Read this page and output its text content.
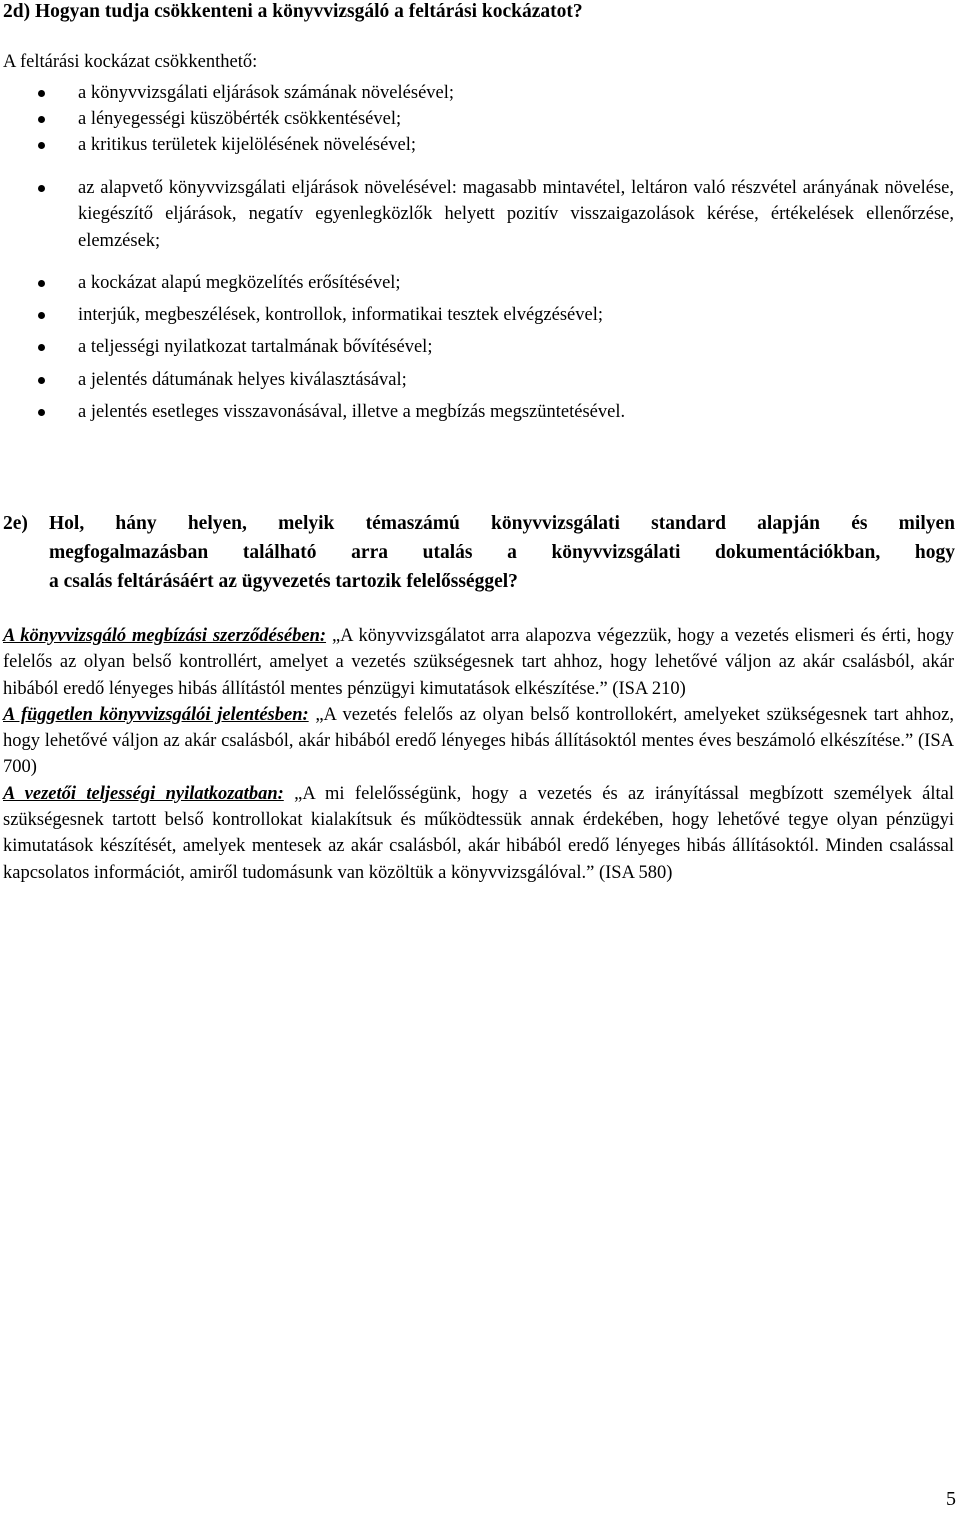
2d) Hogyan tudja csökkenteni a könyvvizsgáló a feltárási kockázatot?
A feltárási kockázat csökkenthető:
a könyvvizsgálati eljárások számának növelésével;
a lényegességi küszöbérték csökkentésével;
a kritikus területek kijelölésének növelésével;
az alapvető könyvvizsgálati eljárások növelésével: magasabb mintavétel, leltáron való részvétel arányának növelése, kiegészítő eljárások, negatív egyenlegközlők helyett pozitív visszaigazolások kérése, értékelések ellenőrzése, elemzések;
a kockázat alapú megközelítés erősítésével;
interjúk, megbeszélések, kontrollok, informatikai tesztek elvégzésével;
a teljességi nyilatkozat tartalmának bővítésével;
a jelentés dátumának helyes kiválasztásával;
a jelentés esetleges visszavonásával, illetve a megbízás megszüntetésével.
2e) Hol, hány helyen, melyik témaszámú könyvvizsgálati standard alapján és milyen
megfogalmazásban található arra utalás a könyvvizsgálati dokumentációkban, hogy
a csalás feltárásáért az ügyvezetés tartozik felelősséggel?

A könyvvizsgáló megbízási szerződésében: „A könyvvizsgálatot arra alapozva végezzük, hogy a vezetés elismeri és érti, hogy felelős az olyan belső kontrollért, amelyet a vezetés szükségesnek tart ahhoz, hogy lehetővé váljon az akár csalásból, akár hibából eredő lényeges hibás állítástól mentes pénzügyi kimutatások elkészítése.” (ISA 210)

A független könyvvizsgálói jelentésben: „A vezetés felelős az olyan belső kontrollokért, amelyeket szükségesnek tart ahhoz, hogy lehetővé váljon az akár csalásból, akár hibából eredő lényeges hibás állításoktól mentes éves beszámoló elkészítése.” (ISA 700)

A vezetői teljességi nyilatkozatban: „A mi felelősségünk, hogy a vezetés és az irányítással megbízott személyek által szükségesnek tartott belső kontrollokat kialakítsuk és működtessük annak érdekében, hogy lehetővé tegye olyan pénzügyi kimutatások készítését, amelyek mentesek az akár csalásból, akár hibából eredő lényeges hibás állításoktól. Minden csalással kapcsolatos információt, amiről tudomásunk van közöltük a könyvvizsgálóval.” (ISA 580)

5
